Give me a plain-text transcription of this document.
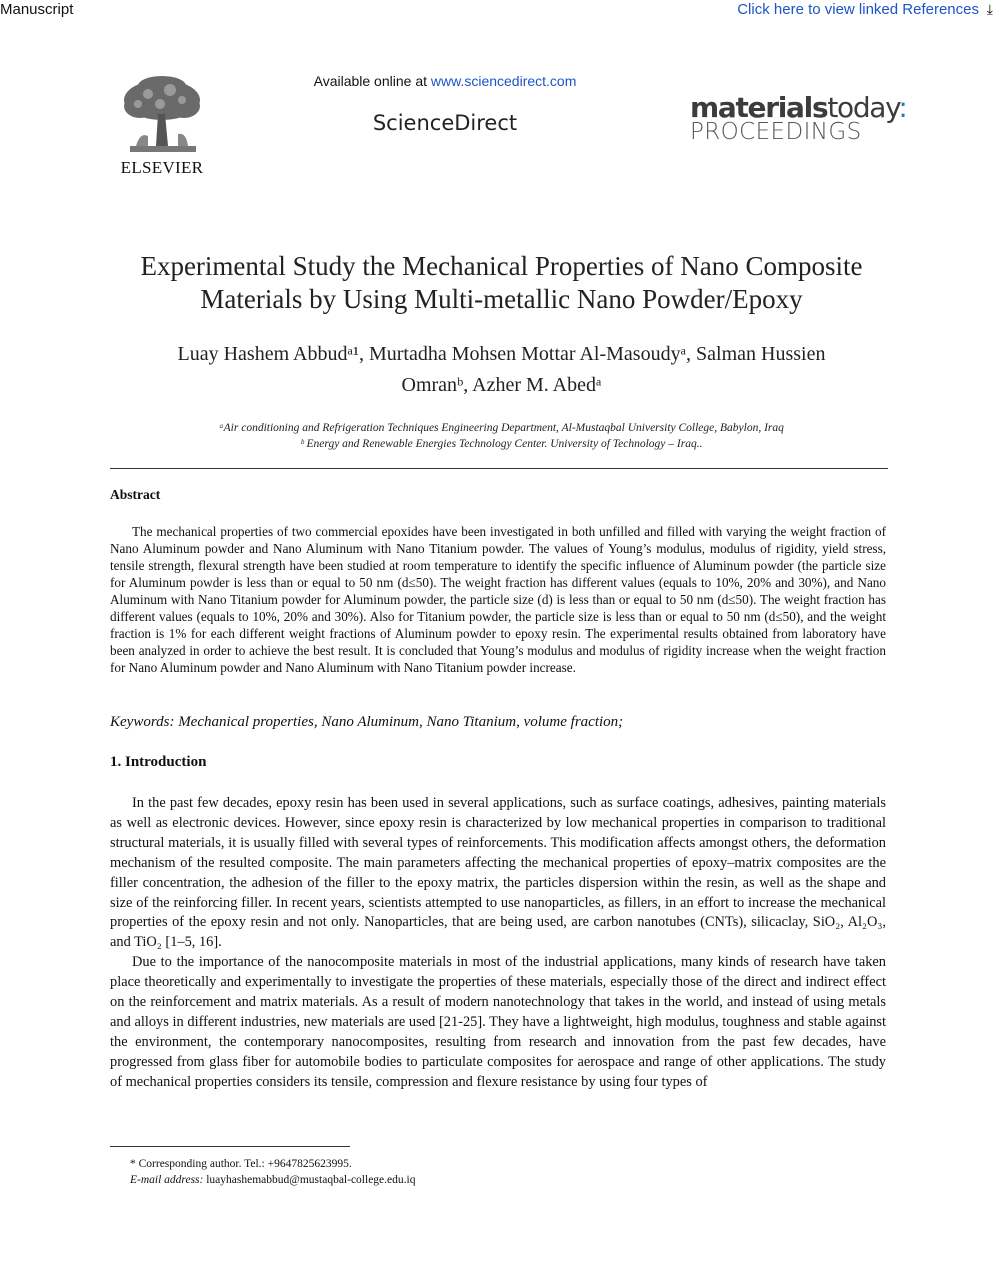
Manuscript	Click here to view linked References ⤓
ELSEVIER
Available online at www.sciencedirect.com
ScienceDirect	materialstoday:
PROCEEDINGS
Experimental Study the Mechanical Properties of Nano Composite
Materials by Using Multi-metallic Nano Powder/Epoxy
Luay Hashem Abbudᵃ¹, Murtadha Mohsen Mottar Al-Masoudyᵃ, Salman Hussien
Omranᵇ, Azher M. Abedᵃ
ᵃAir conditioning and Refrigeration Techniques Engineering Department, Al-Mustaqbal University College, Babylon, Iraq
ᵇ Energy and Renewable Energies Technology Center. University of Technology – Iraq..
Abstract

The mechanical properties of two commercial epoxides have been investigated in both unfilled and filled with varying the weight fraction of Nano Aluminum powder and Nano Aluminum with Nano Titanium powder. The values of Young’s modulus, modulus of rigidity, yield stress, tensile strength, flexural strength have been studied at room temperature to identify the specific influence of Aluminum powder (the particle size for Aluminum powder is less than or equal to 50 nm (d≤50). The weight fraction has different values (equals to 10%, 20% and 30%), and Nano Aluminum with Nano Titanium powder for Aluminum powder, the particle size (d) is less than or equal to 50 nm (d≤50). The weight fraction has different values (equals to 10%, 20% and 30%). Also for Titanium powder, the particle size is less than or equal to 50 nm (d≤50), and the weight fraction is 1% for each different weight fractions of Aluminum powder to epoxy resin. The experimental results obtained from laboratory have been analyzed in order to achieve the best result. It is concluded that Young’s modulus and modulus of rigidity increase when the weight fraction for Nano Aluminum powder and Nano Aluminum with Nano Titanium powder increase.

Keywords: Mechanical properties, Nano Aluminum, Nano Titanium, volume fraction;
1. Introduction

In the past few decades, epoxy resin has been used in several applications, such as surface coatings, adhesives, painting materials as well as electronic devices. However, since epoxy resin is characterized by low mechanical properties in comparison to traditional structural materials, it is usually filled with several types of reinforcements. This modification affects amongst others, the deformation mechanism of the resulted composite. The main parameters affecting the mechanical properties of epoxy–matrix composites are the filler concentration, the adhesion of the filler to the epoxy matrix, the particles dispersion within the resin, as well as the shape and size of the reinforcing filler. In recent years, scientists attempted to use nanoparticles, as fillers, in an effort to increase the mechanical properties of the epoxy resin and not only. Nanoparticles, that are being used, are carbon nanotubes (CNTs), silicaclay, SiO₂, Al₂O₃, and TiO₂ [1–5, 16].

Due to the importance of the nanocomposite materials in most of the industrial applications, many kinds of research have taken place theoretically and experimentally to investigate the properties of these materials, especially those of the direct and indirect effect on the reinforcement and matrix materials. As a result of modern nanotechnology that takes in the world, and instead of using metals and alloys in different industries, new materials are used [21-25]. They have a lightweight, high modulus, toughness and stable against the environment, the contemporary nanocomposites, resulting from research and innovation from the past few decades, have progressed from glass fiber for automobile bodies to particulate composites for aerospace and range of other applications. The study of mechanical properties considers its tensile, compression and flexure resistance by using four types of

* Corresponding author. Tel.: +9647825623995.
E-mail address: luayhashemabbud@mustaqbal-college.edu.iq
